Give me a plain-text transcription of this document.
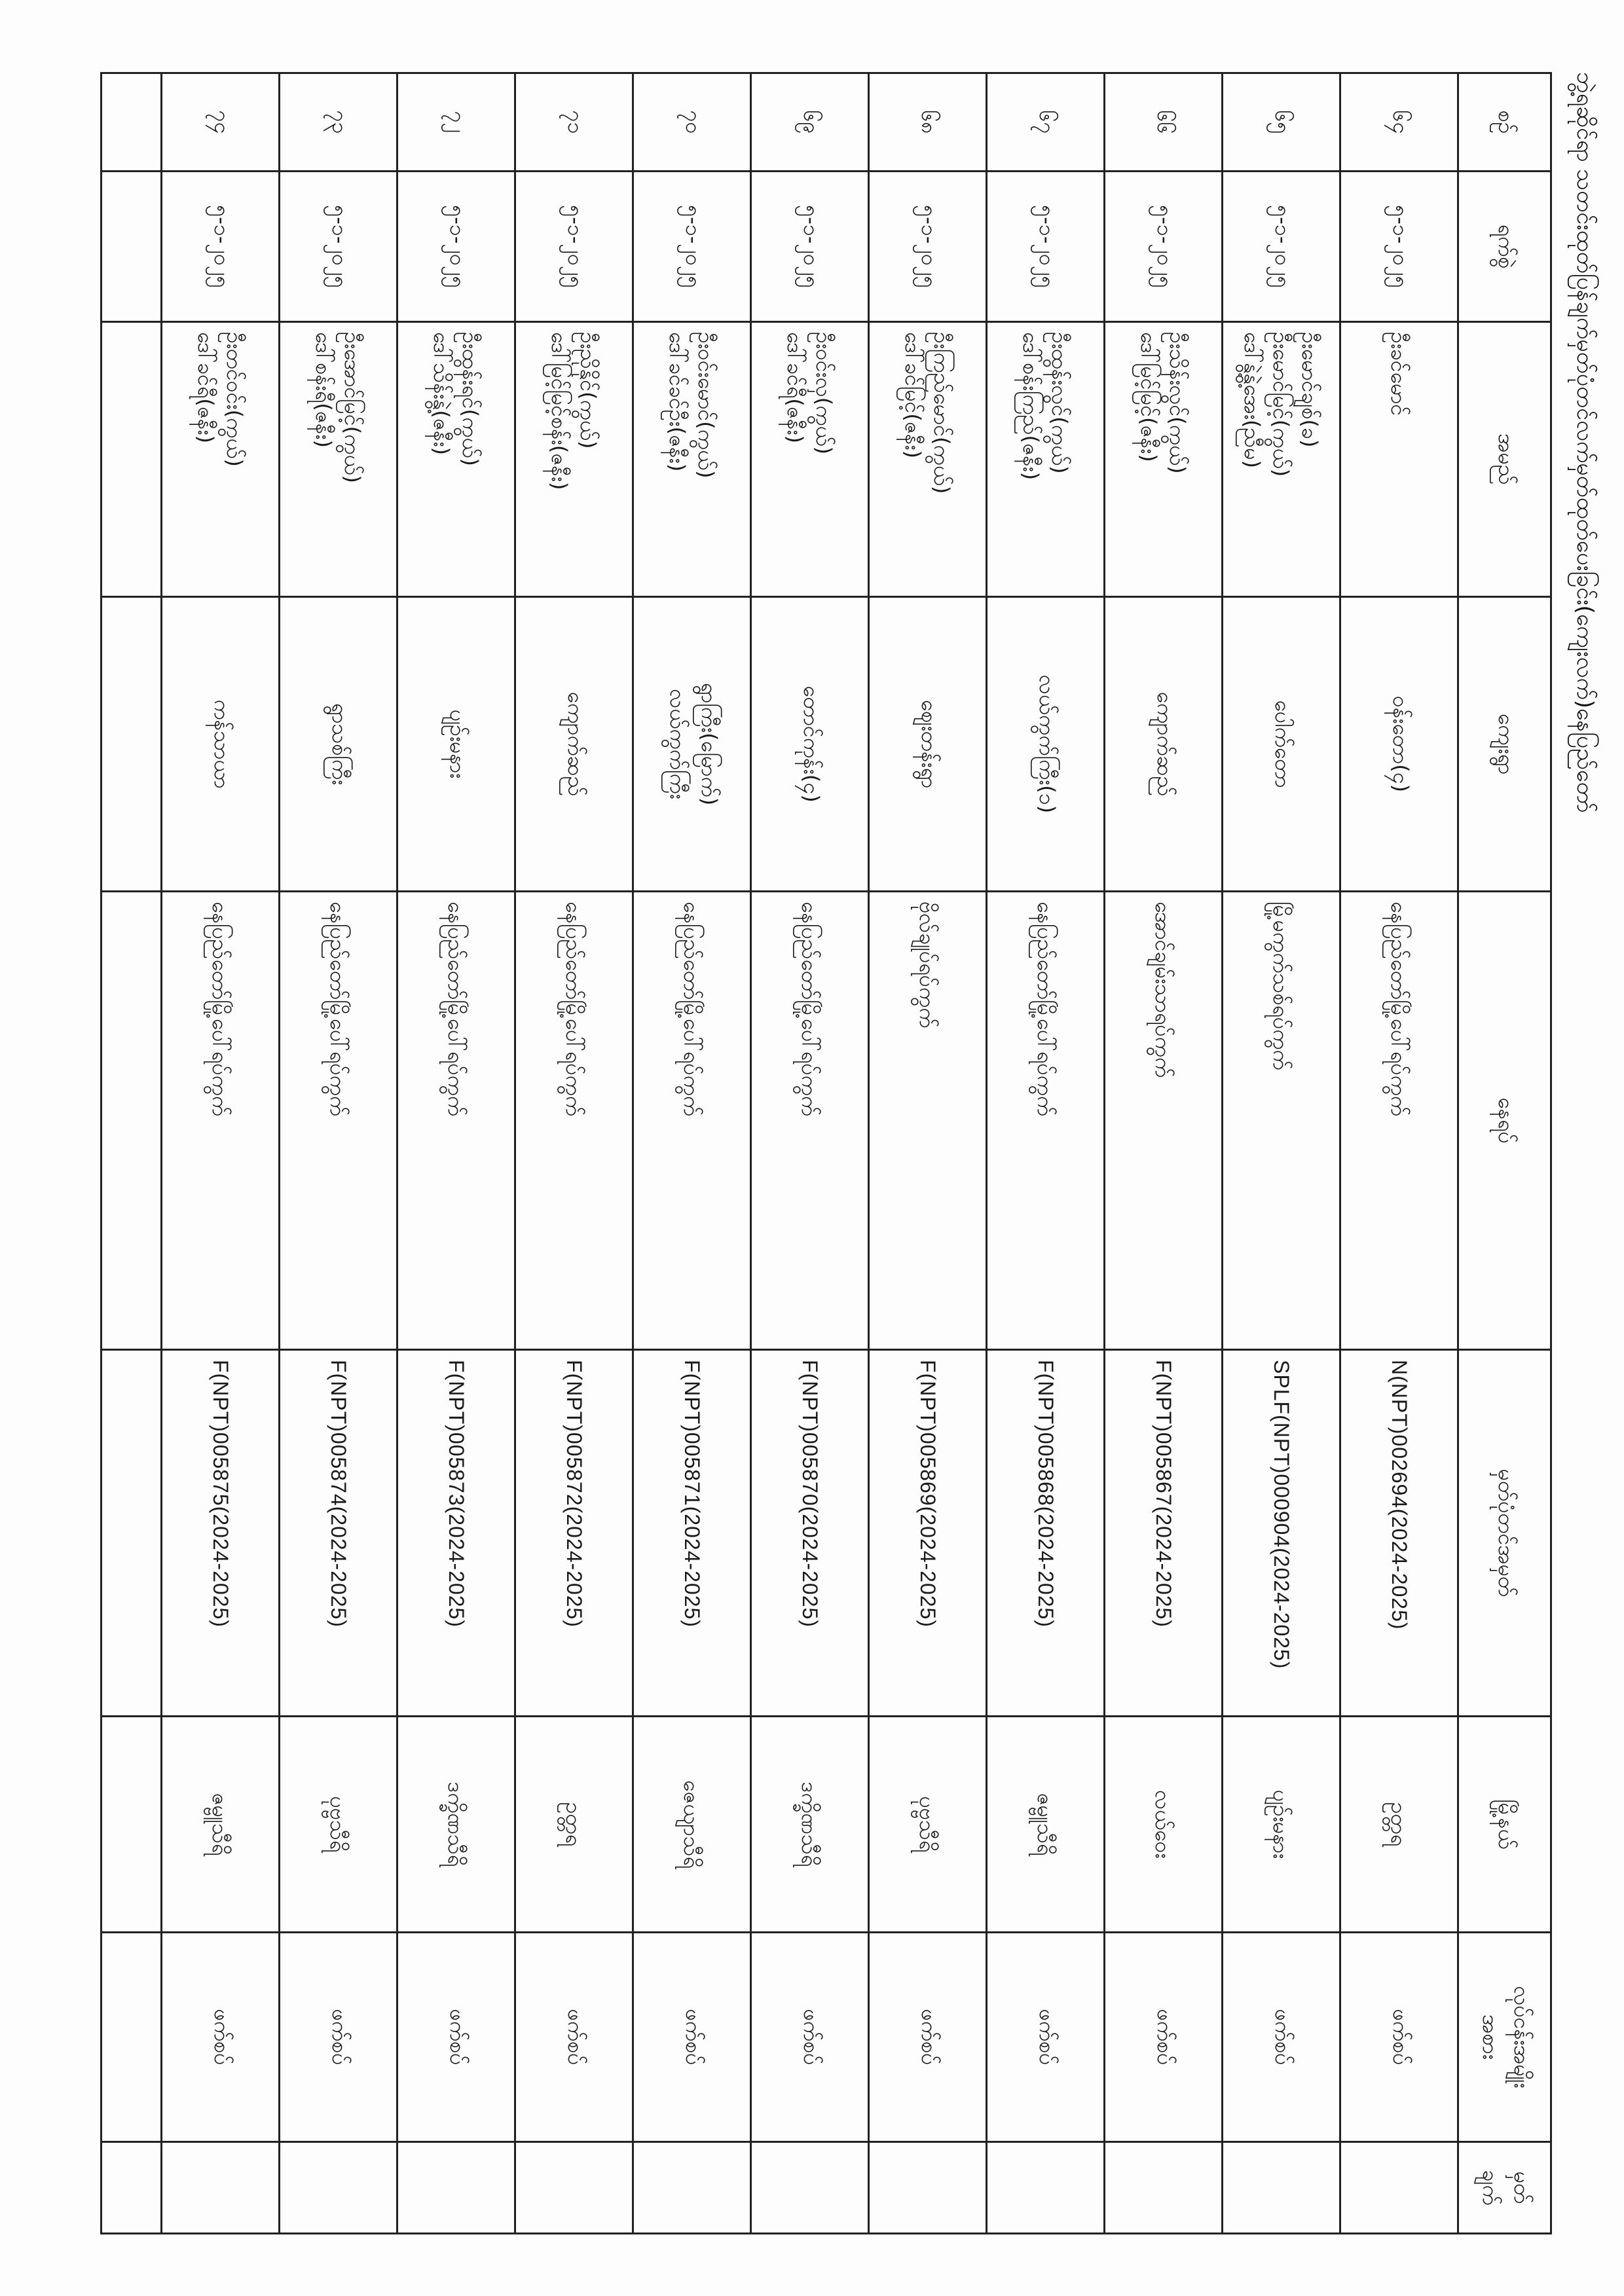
ဘွဲ့ရဆိုင်ရာ သတင်းထုတ်ပြန်ချက်မှတ်ပုံတင်လက်မှတ်ထုတ်ပေးခြင်း(ကျေးလက်)နေပြည်တော်
စဉ်	ရက်စွဲ	အမည်	ကျေးရွာ	နေရပ်	မှတ်ပုံတင်အမှတ်	မြို့နယ်	လုပ်ငန်းအမျိုး
အစား	မှတ်
ချက်
၆၄	၅-၁-၂၀၂၅	ဦးခင်မောင်	ဝန်းတော(၄)	နေပြည်တော်မြို့ပေါ်ရပ်ကွက်	N(NPT)002694(2024-2025)	ဥတ္တရ	ဖက်စပ်	
၆၅	၅-၁-၂၀၂၅	ဦးမောင်ချစ်(ခ)
ဦးမောင်မြင့်(ကွယ်)
ဒေါ်နွဲ့နွဲ့အေး(ညီမ)	ပေါက်တော	မြို့မကွက်သစ်ရပ်ကွက်	SPLF(NPT)000904(2024-2025)	ပျဉ်းမနား	ဖက်စပ်	
၆၆	၅-၁-၂၀၂၅	ဦးသိန်းလွင်(ကွယ်)
ဒေါ်မြင့်မြင့်(ဇနီး)	ကျောက်ဆည်	အောင်ချမ်းသာရပ်ကွက်	F(NPT)005867(2024-2025)	လယ်ဝေး	ဖက်စပ်	
၆၇	၅-၁-၂၀၂၅	ဦးထွန်းလွင်(ကွယ်)
ဒေါ်စန်းကြည်(ဇနီး)	လယ်ကွက်ကြီး(၁)	နေပြည်တော်မြို့ပေါ်ရပ်ကွက်	F(NPT)005868(2024-2025)	ဇမ္ဗူသီရိ	ဖက်စပ်	
၆၈	၅-၁-၂၀၂၅	ဦးကြည်မောင်(ကွယ်)
ဒေါ်ခင်မြင့်(ဇနီး)	ဈေးတန်းရွာ	ဗိုလ်ချုပ်ရပ်ကွက်	F(NPT)005869(2024-2025)	ပုဗ္ဗသီရိ	ဖက်စပ်	
၆၉	၅-၁-၂၀၂၅	ဦးဝင်းလှ(ကွယ်)
ဒေါ်ခင်ရီ(ဇနီး)	တောင်ကုန်း(၄)	နေပြည်တော်မြို့ပေါ်ရပ်ကွက်	F(NPT)005870(2024-2025)	ဒက္ခိဏသီရိ	ဖက်စပ်	
၇၀	၅-၁-၂၀၂၅	ဦးဝင်းမောင်(ကွယ်)
ဒေါ်ခင်ခင်ဦး(ဇနီး)	ရွာကြီး(မြောက်)
လယ်ကွက်ကြီး	နေပြည်တော်မြို့ပေါ်ရပ်ကွက်	F(NPT)005871(2024-2025)	ဇေယျာသီရိ	ဖက်စပ်	
၇၁	၅-၁-၂၀၂၅	ဦးညိုနိုင်(ကွယ်)
ဒေါ်မြင့်မြင့်စန်း(ဇနီး)	ကျောက်ဆည်	နေပြည်တော်မြို့ပေါ်ရပ်ကွက်	F(NPT)005872(2024-2025)	ဥတ္တရ	ဖက်စပ်	
၇၂	၅-၁-၂၀၂၅	ဦးထွန်းရင်(ကွယ်)
ဒေါ်သိန်းနွဲ့(ဇနီး)	ပျဉ်းမနား	နေပြည်တော်မြို့ပေါ်ရပ်ကွက်	F(NPT)005873(2024-2025)	ဒက္ခိဏသီရိ	ဖက်စပ်	
၇၃	၅-၁-၂၀၂၅	ဦးအောင်မြင့်(ကွယ်)
ဒေါ်စန်းရီ(ဇနီး)	ရွာသစ်ကြီး	နေပြည်တော်မြို့ပေါ်ရပ်ကွက်	F(NPT)005874(2024-2025)	ပုဗ္ဗသီရိ	ဖက်စပ်	
၇၄	၅-၁-၂၀၂၅	ဦးတင်ဝင်း(ကွယ်)
ဒေါ်ခင်ရီ(ဇနီး)	ကန်သာယာ	နေပြည်တော်မြို့ပေါ်ရပ်ကွက်	F(NPT)005875(2024-2025)	ဇမ္ဗူသီရိ	ဖက်စပ်	
